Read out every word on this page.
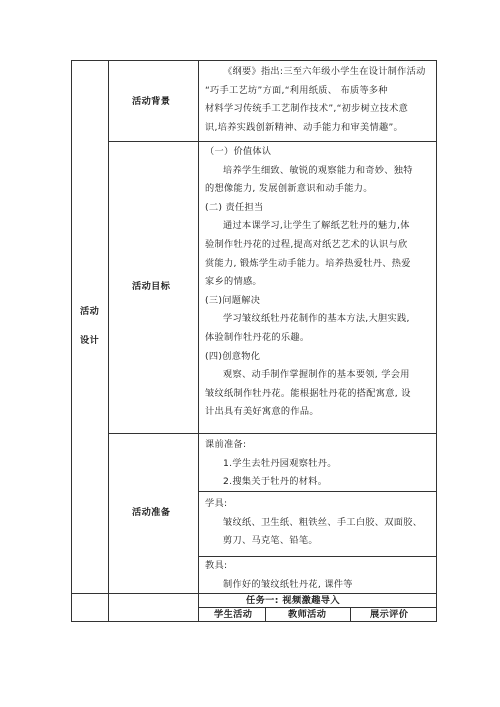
活动
设计
活动背景
《纲要》指出:三至六年级小学生在设计制作活动
“巧手工艺坊”方面,“利用纸质、 布质等多种
材料学习传统手工艺制作技术”,“初步树立技术意
识,培养实践创新精神、动手能力和审美情趣”。
活动目标
（一）价值体认
培养学生细致、敏锐的观察能力和奇妙、独特
的想像能力, 发展创新意识和动手能力。
(二) 责任担当
通过本课学习,让学生了解纸艺牡丹的魅力,体
验制作牡丹花的过程,提高对纸艺艺术的认识与欣
赏能力, 锻炼学生动手能力。培养热爱牡丹、热爱
家乡的情感。
(三)问题解决
学习皱纹纸牡丹花制作的基本方法,大胆实践,
体验制作牡丹花的乐趣。
(四)创意物化
观察、动手制作掌握制作的基本要领, 学会用
皱纹纸制作牡丹花。能根据牡丹花的搭配寓意, 设
计出具有美好寓意的作品。
活动准备
课前准备:
1.学生去牡丹园观察牡丹。
2.搜集关于牡丹的材料。
学具:
皱纹纸、卫生纸、粗铁丝、手工白胶、双面胶、
剪刀、马克笔、铅笔。
教具:
制作好的皱纹纸牡丹花, 课件等
任务一: 视频激趣导入
学生活动	教师活动	展示评价
